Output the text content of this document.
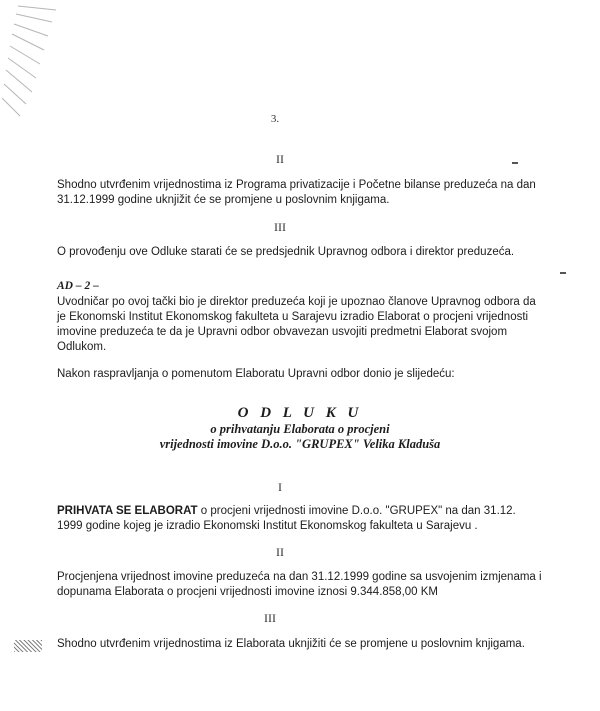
3.
II
Shodno utvrđenim vrijednostima iz Programa privatizacije i Početne bilanse preduzeća na dan
31.12.1999 godine uknjižit će se promjene u poslovnim knjigama.
III
O provođenju ove Odluke starati će se predsjednik Upravnog odbora i direktor preduzeća.
AD – 2 –
Uvodničar po ovoj tački bio je direktor preduzeća koji je upoznao članove Upravnog odbora da
je Ekonomski Institut Ekonomskog fakulteta u Sarajevu izradio Elaborat o procjeni vrijednosti
imovine preduzeća te da je Upravni odbor obvavezan usvojiti predmetni Elaborat svojom
Odlukom.
Nakon raspravljanja o pomenutom Elaboratu Upravni odbor donio je slijedeću:
O D L U K U
o prihvatanju Elaborata o procjeni
vrijednosti imovine D.o.o. "GRUPEX" Velika Kladuša
I
PRIHVATA SE ELABORAT o procjeni vrijednosti imovine D.o.o. "GRUPEX" na dan 31.12.
1999 godine kojeg je izradio Ekonomski Institut Ekonomskog fakulteta u Sarajevu .
II
Procjenjena vrijednost imovine preduzeća na dan 31.12.1999 godine sa usvojenim izmjenama i
dopunama Elaborata o procjeni vrijednosti imovine iznosi 9.344.858,00 KM
III
Shodno utvrđenim vrijednostima iz Elaborata uknjižiti će se promjene u poslovnim knjigama.
